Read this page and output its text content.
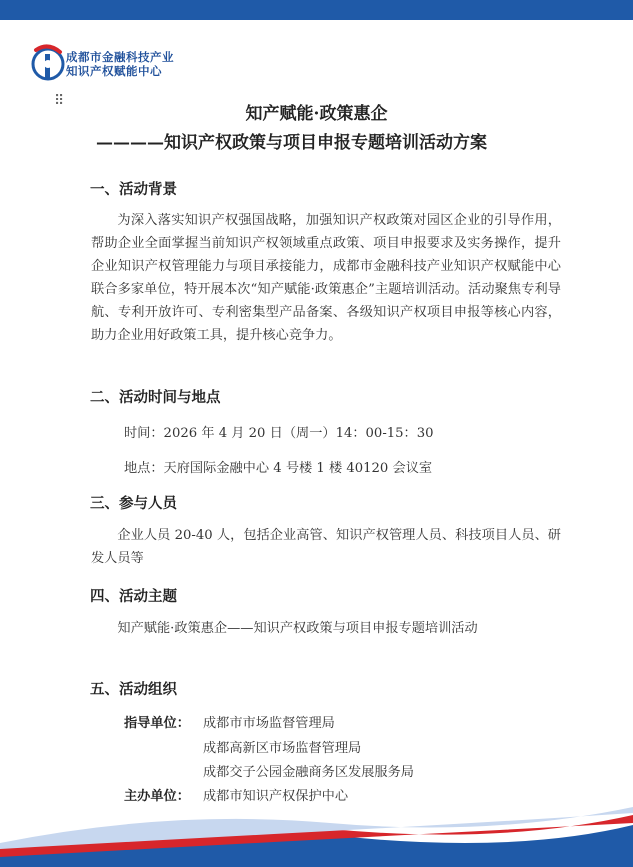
成都市金融科技产业
知识产权赋能中心
⠿
知产赋能·政策惠企
————知识产权政策与项目申报专题培训活动方案
一、活动背景
为深入落实知识产权强国战略，加强知识产权政策对园区企业的引导作用，帮助企业全面掌握当前知识产权领域重点政策、项目申报要求及实务操作，提升企业知识产权管理能力与项目承接能力，成都市金融科技产业知识产权赋能中心联合多家单位，特开展本次“知产赋能·政策惠企”主题培训活动。活动聚焦专利导航、专利开放许可、专利密集型产品备案、各级知识产权项目申报等核心内容，助力企业用好政策工具，提升核心竞争力。
二、活动时间与地点
时间：2026 年 4 月 20 日（周一）14：00-15：30
地点：天府国际金融中心 4 号楼 1 楼 40120 会议室
三、参与人员
企业人员 20-40 人，包括企业高管、知识产权管理人员、科技项目人员、研发人员等
四、活动主题
知产赋能·政策惠企——知识产权政策与项目申报专题培训活动
五、活动组织
指导单位： 成都市市场监督管理局
成都高新区市场监督管理局
成都交子公园金融商务区发展服务局
主办单位： 成都市知识产权保护中心
